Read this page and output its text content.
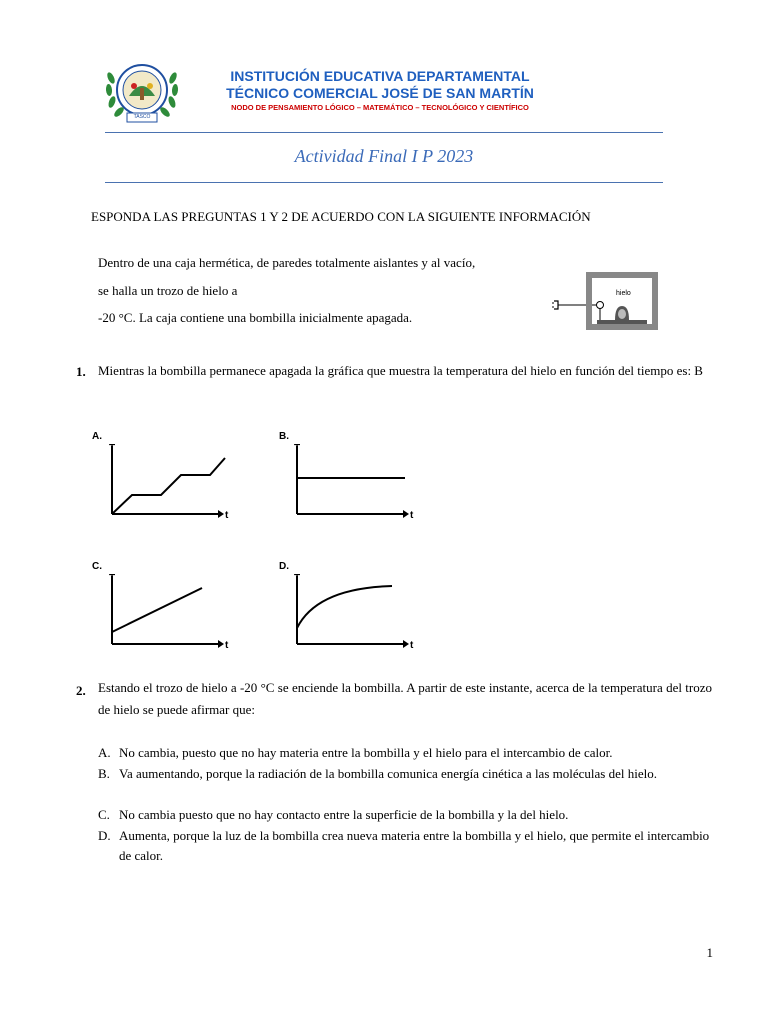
TASCO
INSTITUCIÓN EDUCATIVA DEPARTAMENTAL
TÉCNICO COMERCIAL JOSÉ DE SAN MARTÍN
NODO DE PENSAMIENTO LÓGICO – MATEMÁTICO – TECNOLÓGICO Y CIENTÍFICO
Actividad Final I P 2023
ESPONDA LAS PREGUNTAS 1 Y 2 DE ACUERDO CON LA SIGUIENTE INFORMACIÓN
Dentro de una caja hermética, de paredes totalmente aislantes y al vacío,
se halla un trozo de hielo a
-20 °C. La caja contiene una bombilla inicialmente apagada.
hielo
1. Mientras la bombilla permanece apagada la gráfica que muestra la temperatura del hielo en función del tiempo es: B
A.
T
t
B.
T
t
C.
T
t
D.
T
t
2. Estando el trozo de hielo a -20 °C se enciende la bombilla. A partir de este instante, acerca de la temperatura del trozo de hielo se puede afirmar que:
A. No cambia, puesto que no hay materia entre la bombilla y el hielo para el intercambio de calor.
B. Va aumentando, porque la radiación de la bombilla comunica energía cinética a las moléculas del hielo.
C. No cambia puesto que no hay contacto entre la superficie de la bombilla y la del hielo.
D. Aumenta, porque la luz de la bombilla crea nueva materia entre la bombilla y el hielo, que permite el intercambio de calor.
1
